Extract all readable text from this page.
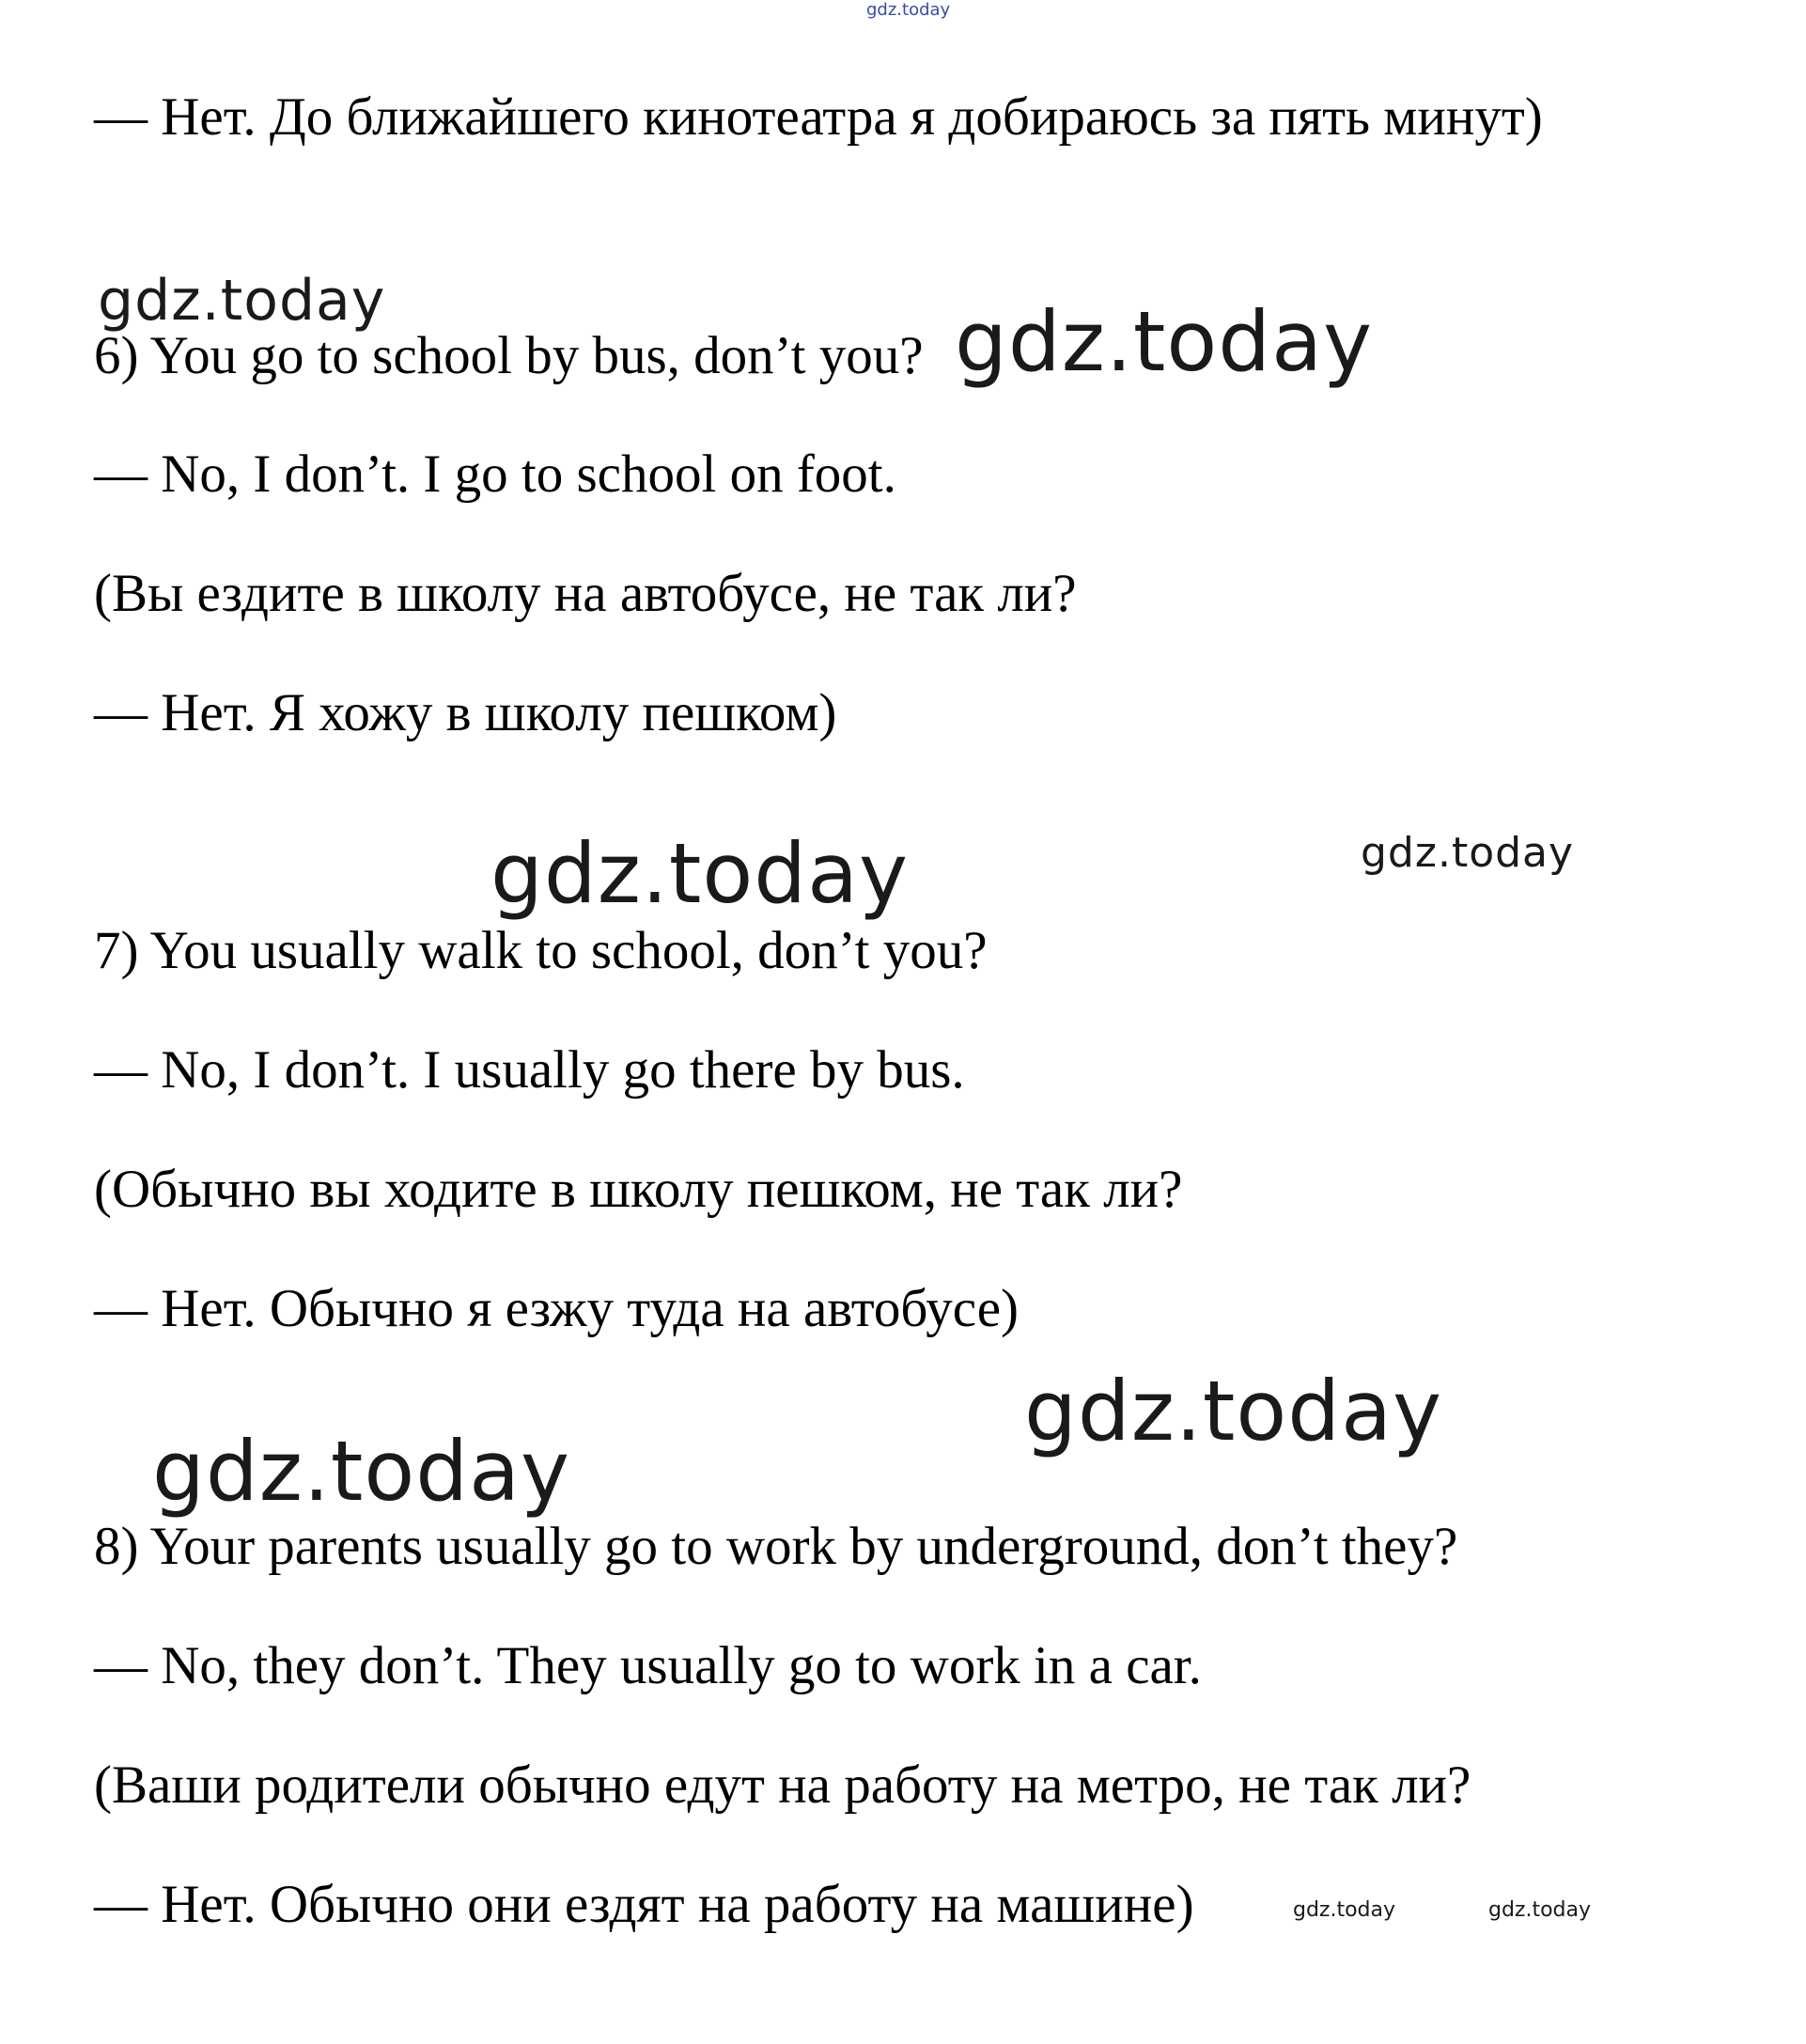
gdz.today
gdz.today	gdz.today
gdz.today	gdz.today
gdz.today
gdz.today
gdz.today	gdz.today

— Нет. До ближайшего кинотеатра я добираюсь за пять минут)

6) You go to school by bus, don’t you?

— No, I don’t. I go to school on foot.

(Вы ездите в школу на автобусе, не так ли?

— Нет. Я хожу в школу пешком)

7) You usually walk to school, don’t you?

— No, I don’t. I usually go there by bus.

(Обычно вы ходите в школу пешком, не так ли?

— Нет. Обычно я езжу туда на автобусе)

8) Your parents usually go to work by underground, don’t they?

— No, they don’t. They usually go to work in a car.

(Ваши родители обычно едут на работу на метро, не так ли?

— Нет. Обычно они ездят на работу на машине)
